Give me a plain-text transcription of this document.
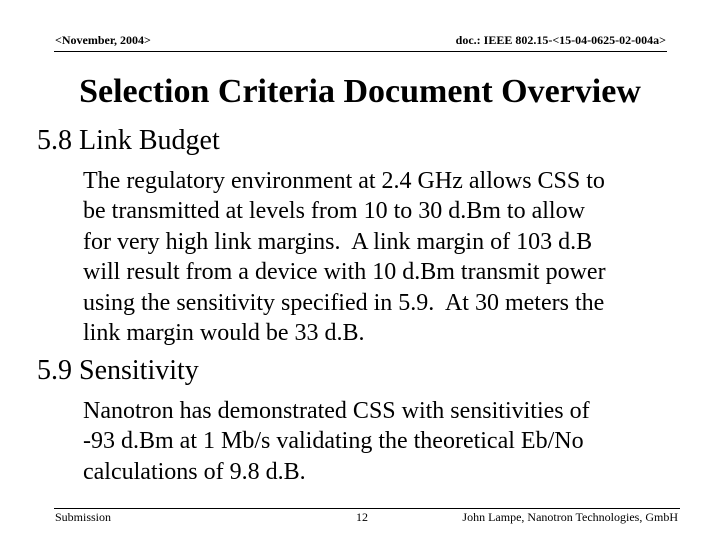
<November, 2004>	doc.: IEEE 802.15-<15-04-0625-02-004a>
Selection Criteria Document Overview
5.8 Link Budget
The regulatory environment at 2.4 GHz allows CSS to
be transmitted at levels from 10 to 30 d.Bm to allow
for very high link margins.  A link margin of 103 d.B
will result from a device with 10 d.Bm transmit power
using the sensitivity specified in 5.9.  At 30 meters the
link margin would be 33 d.B.
5.9 Sensitivity
Nanotron has demonstrated CSS with sensitivities of
-93 d.Bm at 1 Mb/s validating the theoretical Eb/No
calculations of 9.8 d.B.
Submission	12	John Lampe, Nanotron Technologies, GmbH
